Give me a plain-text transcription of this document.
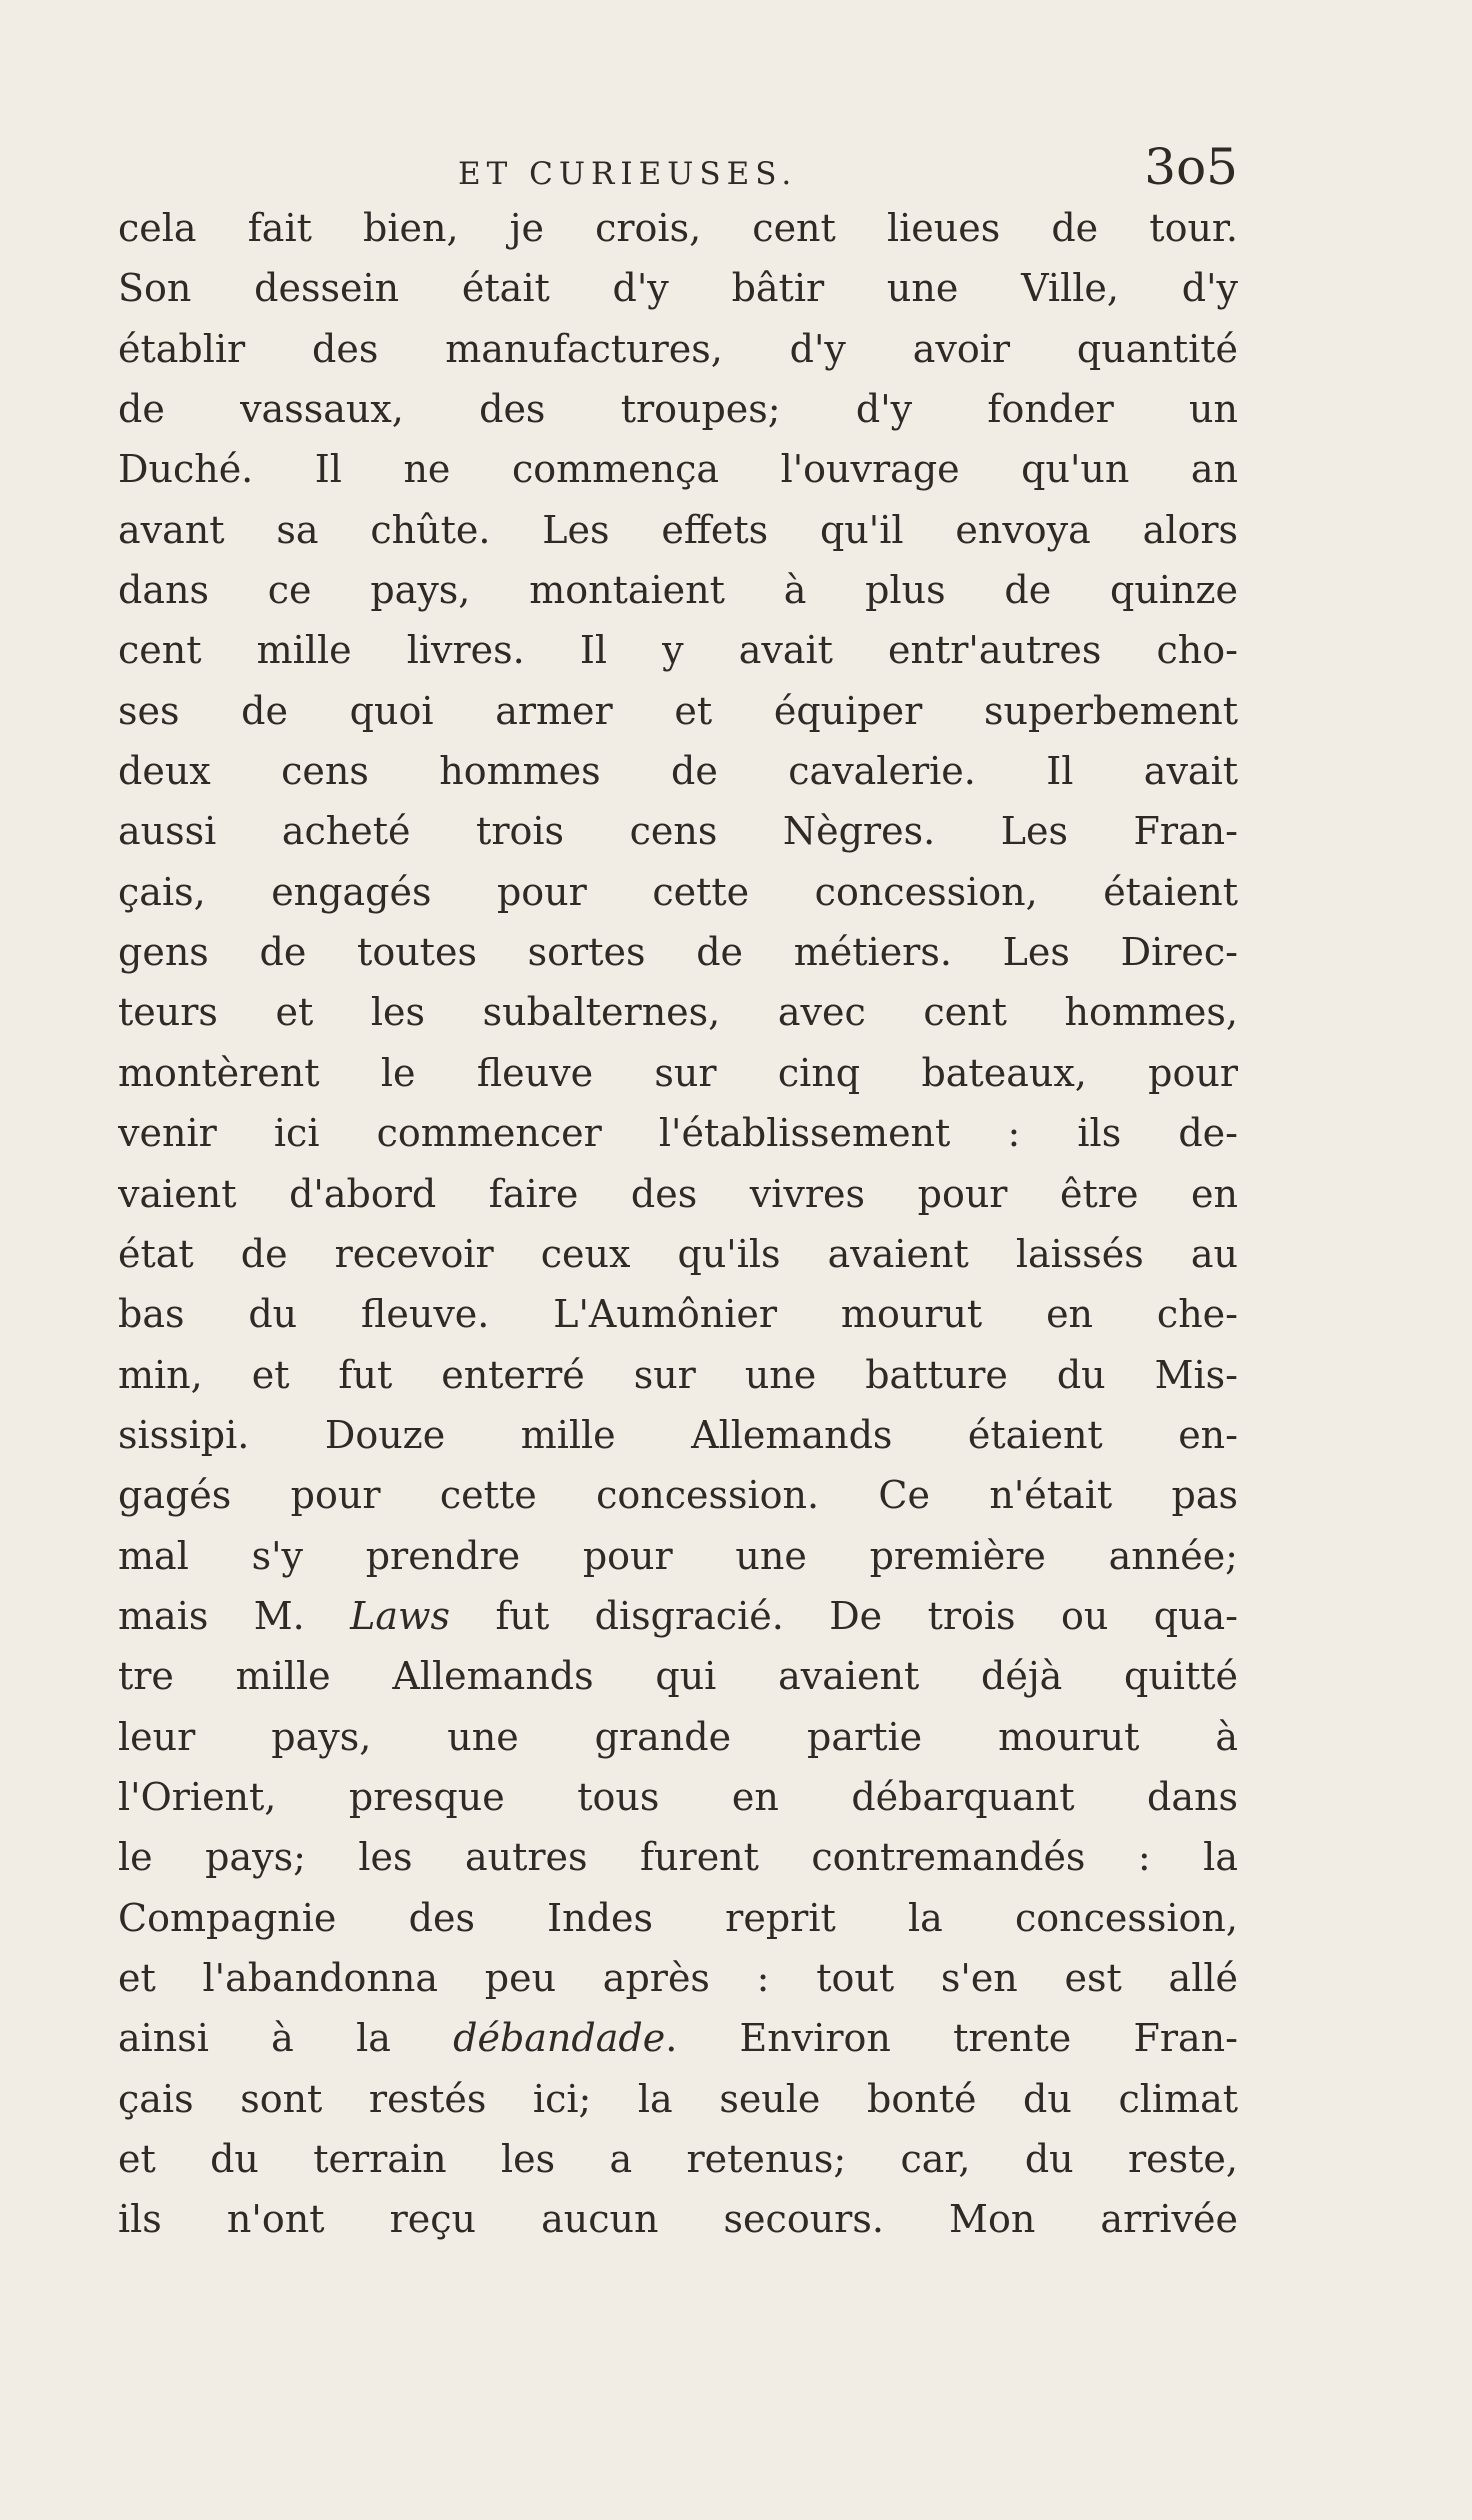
ET CURIEUSES.	3o5
cela fait bien, je crois, cent lieues de tour.
Son dessein était d'y bâtir une Ville, d'y
établir des manufactures, d'y avoir quantité
de vassaux, des troupes; d'y fonder un
Duché. Il ne commença l'ouvrage qu'un an
avant sa chûte. Les effets qu'il envoya alors
dans ce pays, montaient à plus de quinze
cent mille livres. Il y avait entr'autres cho-
ses de quoi armer et équiper superbement
deux cens hommes de cavalerie. Il avait
aussi acheté trois cens Nègres. Les Fran-
çais, engagés pour cette concession, étaient
gens de toutes sortes de métiers. Les Direc-
teurs et les subalternes, avec cent hommes,
montèrent le fleuve sur cinq bateaux, pour
venir ici commencer l'établissement : ils de-
vaient d'abord faire des vivres pour être en
état de recevoir ceux qu'ils avaient laissés au
bas du fleuve. L'Aumônier mourut en che-
min, et fut enterré sur une batture du Mis-
sissipi. Douze mille Allemands étaient en-
gagés pour cette concession. Ce n'était pas
mal s'y prendre pour une première année;
mais M. Laws fut disgracié. De trois ou qua-
tre mille Allemands qui avaient déjà quitté
leur pays, une grande partie mourut à
l'Orient, presque tous en débarquant dans
le pays; les autres furent contremandés : la
Compagnie des Indes reprit la concession,
et l'abandonna peu après : tout s'en est allé
ainsi à la débandade. Environ trente Fran-
çais sont restés ici; la seule bonté du climat
et du terrain les a retenus; car, du reste,
ils n'ont reçu aucun secours. Mon arrivée
